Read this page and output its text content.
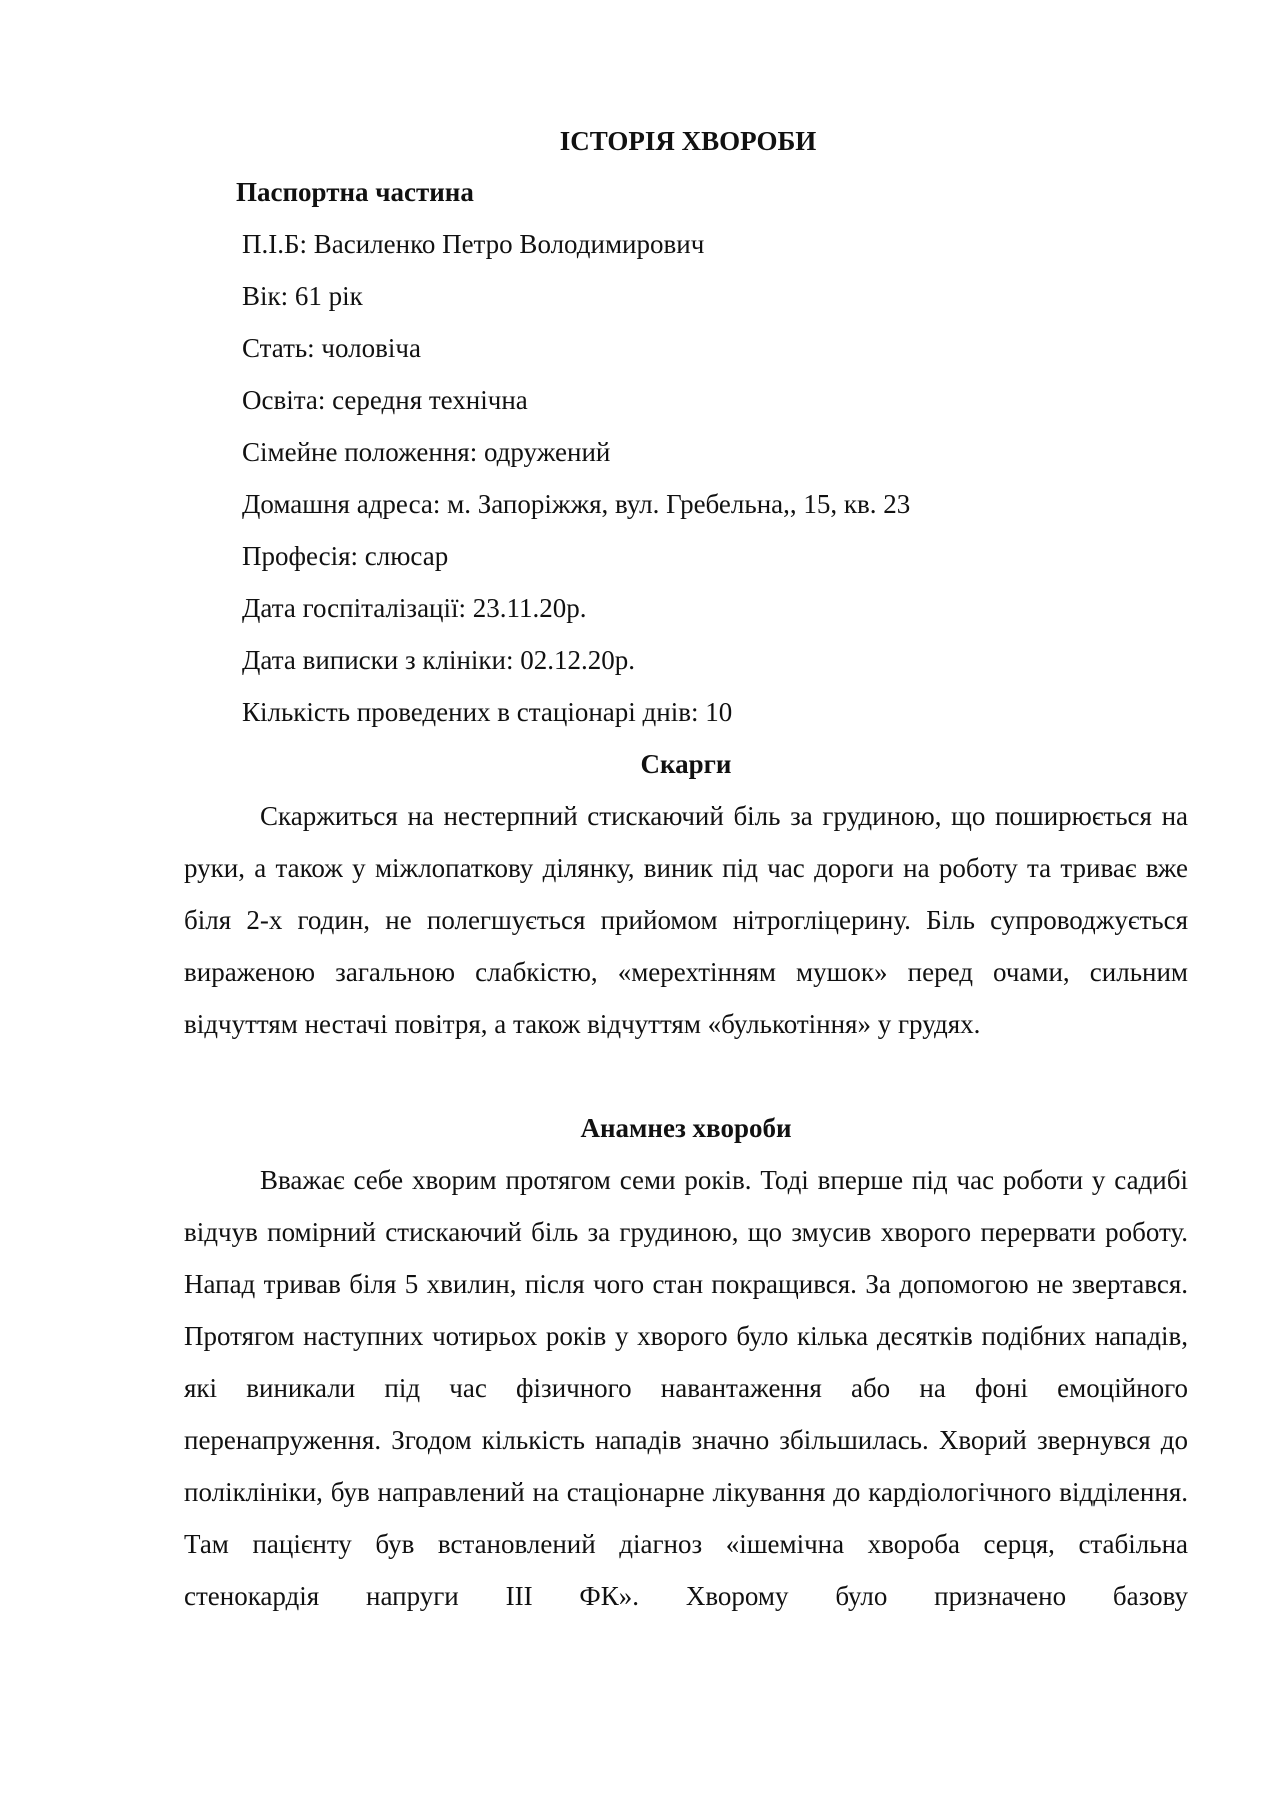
ІСТОРІЯ ХВОРОБИ
Паспортна частина
П.І.Б: Василенко Петро Володимирович
Вік: 61 рік
Стать: чоловіча
Освіта: середня технічна
Сімейне положення: одружений
Домашня адреса: м. Запоріжжя, вул. Гребельна,, 15, кв. 23
Професія: слюсар
Дата госпіталізації: 23.11.20р.
Дата виписки з клініки: 02.12.20р.
Кількість проведених в стаціонарі днів: 10
Скарги

Скаржиться на нестерпний стискаючий біль за грудиною, що поширюється на руки, а також у міжлопаткову ділянку, виник під час дороги на роботу та триває вже біля 2-х годин, не полегшується прийомом нітрогліцерину. Біль супроводжується вираженою загальною слабкістю, «мерехтінням мушок» перед очами, сильним відчуттям нестачі повітря, а також відчуттям «булькотіння» у грудях.

Анамнез хвороби

Вважає себе хворим протягом семи років. Тоді вперше під час роботи у садибі відчув помірний стискаючий біль за грудиною, що змусив хворого перервати роботу. Напад тривав біля 5 хвилин, після чого стан покращився. За допомогою не звертався. Протягом наступних чотирьох років у хворого було кілька десятків подібних нападів, які виникали під час фізичного навантаження або на фоні емоційного перенапруження. Згодом кількість нападів значно збільшилась. Хворий звернувся до поліклініки, був направлений на стаціонарне лікування до кардіологічного відділення. Там пацієнту був встановлений діагноз «ішемічна хвороба серця, стабільна стенокардія напруги ІІІ ФК». Хворому було призначено базову
